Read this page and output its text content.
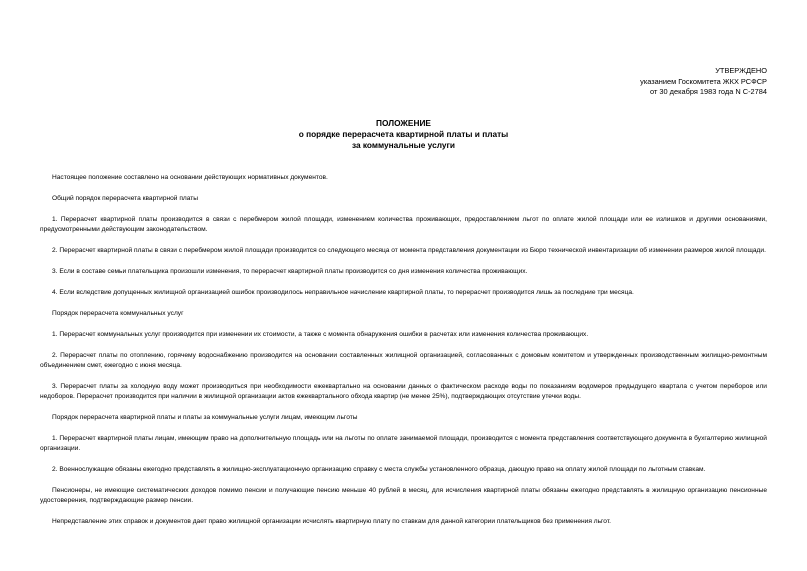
УТВЕРЖДЕНО
указанием Госкомитета ЖКХ РСФСР
от 30 декабря 1983 года N С-2784
ПОЛОЖЕНИЕ
о порядке перерасчета квартирной платы и платы
за коммунальные услуги

Настоящее положение составлено на основании действующих нормативных документов.

Общий порядок перерасчета квартирной платы

1. Перерасчет квартирной платы производится в связи с перебмером жилой площади, изменением количества проживающих, предоставлением льгот по оплате жилой площади или ее излишков и другими основаниями, предусмотренными действующим законодательством.

2. Перерасчет квартирной платы в связи с перебмером жилой площади производится со следующего месяца от момента представления документации из Бюро технической инвентаризации об изменении размеров жилой площади.

3. Если в составе семьи плательщика произошли изменения, то перерасчет квартирной платы производится со дня изменения количества проживающих.

4. Если вследствие допущенных жилищной организацией ошибок производилось неправильное начисление квартирной платы, то перерасчет производится лишь за последние три месяца.

Порядок перерасчета коммунальных услуг

1. Перерасчет коммунальных услуг производится при изменении их стоимости, а также с момента обнаружения ошибки в расчетах или изменения количества проживающих.

2. Перерасчет платы по отоплению, горячему водоснабжению производится на основании составленных жилищной организацией, согласованных с домовым комитетом и утвержденных производственным жилищно-ремонтным объединением смет, ежегодно с июня месяца.

3. Перерасчет платы за холодную воду может производиться при необходимости ежеквартально на основании данных о фактическом расходе воды по показаниям водомеров предыдущего квартала с учетом переборов или недоборов. Перерасчет производится при наличии в жилищной организации актов ежеквартального обхода квартир (не менее 25%), подтверждающих отсутствие утечки воды.

Порядок перерасчета квартирной платы и платы за коммунальные услуги лицам, имеющим льготы

1. Перерасчет квартирной платы лицам, имеющим право на дополнительную площадь или на льготы по оплате занимаемой площади, производится с момента представления соответствующего документа в бухгалтерию жилищной организации.

2. Военнослужащие обязаны ежегодно представлять в жилищно-эксплуатационную организацию справку с места службы установленного образца, дающую право на оплату жилой площади по льготным ставкам.

Пенсионеры, не имеющие систематических доходов помимо пенсии и получающие пенсию меньше 40 рублей в месяц, для исчисления квартирной платы обязаны ежегодно представлять в жилищную организацию пенсионные удостоверения, подтверждающие размер пенсии.

Непредставление этих справок и документов дает право жилищной организации исчислять квартирную плату по ставкам для данной категории плательщиков без применения льгот.
